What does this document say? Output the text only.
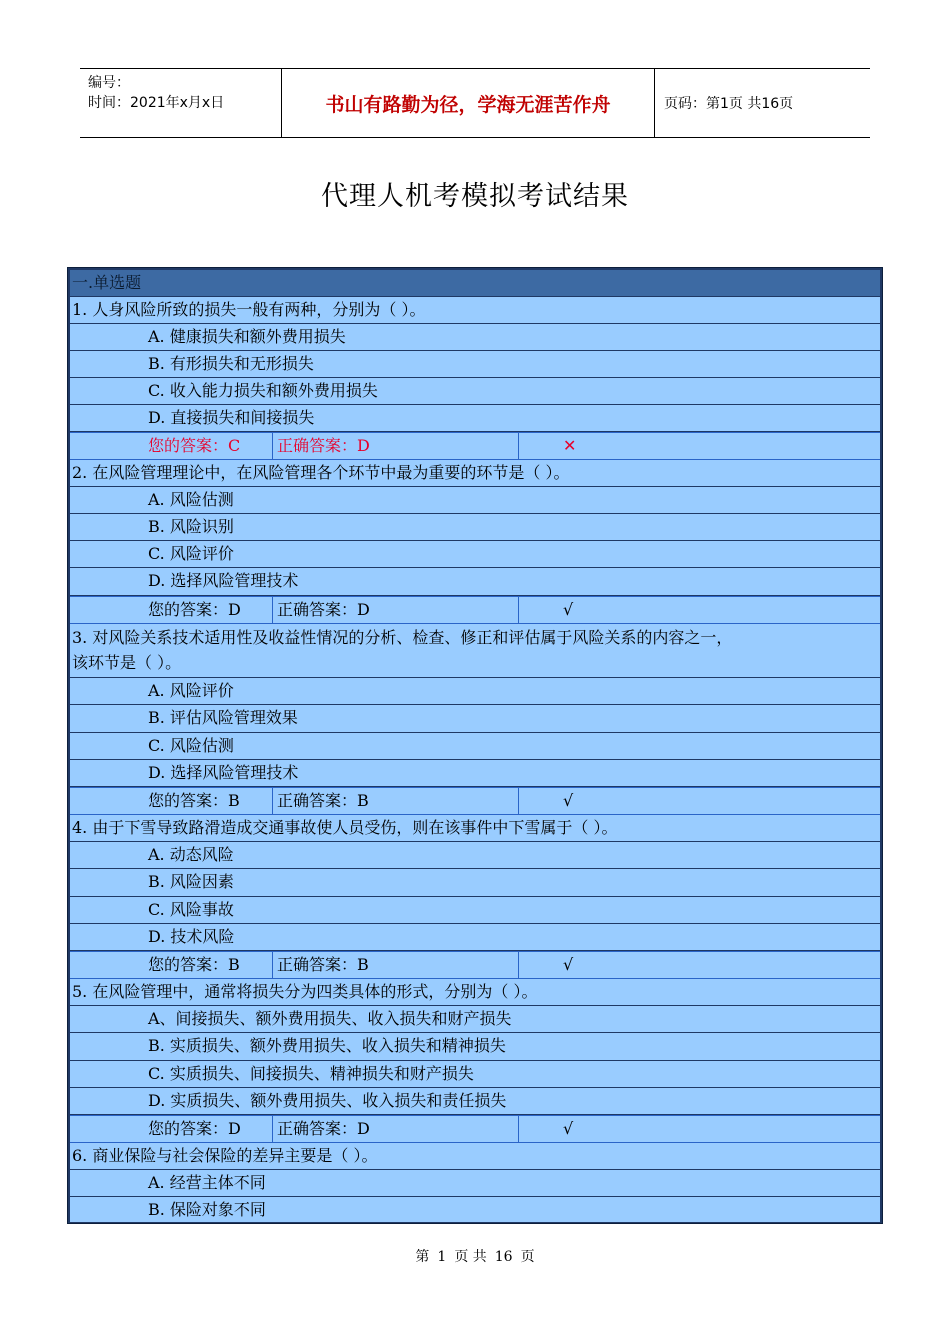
编号：
时间：2021年x月x日	书山有路勤为径，学海无涯苦作舟	页码：第1页 共16页
代理人机考模拟考试结果
一.单选题
1. 人身风险所致的损失一般有两种，分别为（ ）。
A. 健康损失和额外费用损失
B. 有形损失和无形损失
C. 收入能力损失和额外费用损失
D. 直接损失和间接损失
您的答案：C	正确答案：D	✕
2. 在风险管理理论中，在风险管理各个环节中最为重要的环节是（ ）。
A. 风险估测
B. 风险识别
C. 风险评价
D. 选择风险管理技术
您的答案：D	正确答案：D	√
3. 对风险关系技术适用性及收益性情况的分析、检查、修正和评估属于风险关系的内容之一，
该环节是（ ）。
A. 风险评价
B. 评估风险管理效果
C. 风险估测
D. 选择风险管理技术
您的答案：B	正确答案：B	√
4. 由于下雪导致路滑造成交通事故使人员受伤，则在该事件中下雪属于（ ）。
A. 动态风险
B. 风险因素
C. 风险事故
D. 技术风险
您的答案：B	正确答案：B	√
5. 在风险管理中，通常将损失分为四类具体的形式，分别为（ ）。
A、间接损失、额外费用损失、收入损失和财产损失
B. 实质损失、额外费用损失、收入损失和精神损失
C. 实质损失、间接损失、精神损失和财产损失
D. 实质损失、额外费用损失、收入损失和责任损失
您的答案：D	正确答案：D	√
6. 商业保险与社会保险的差异主要是（ ）。
A. 经营主体不同
B. 保险对象不同
第 1 页 共 16 页
